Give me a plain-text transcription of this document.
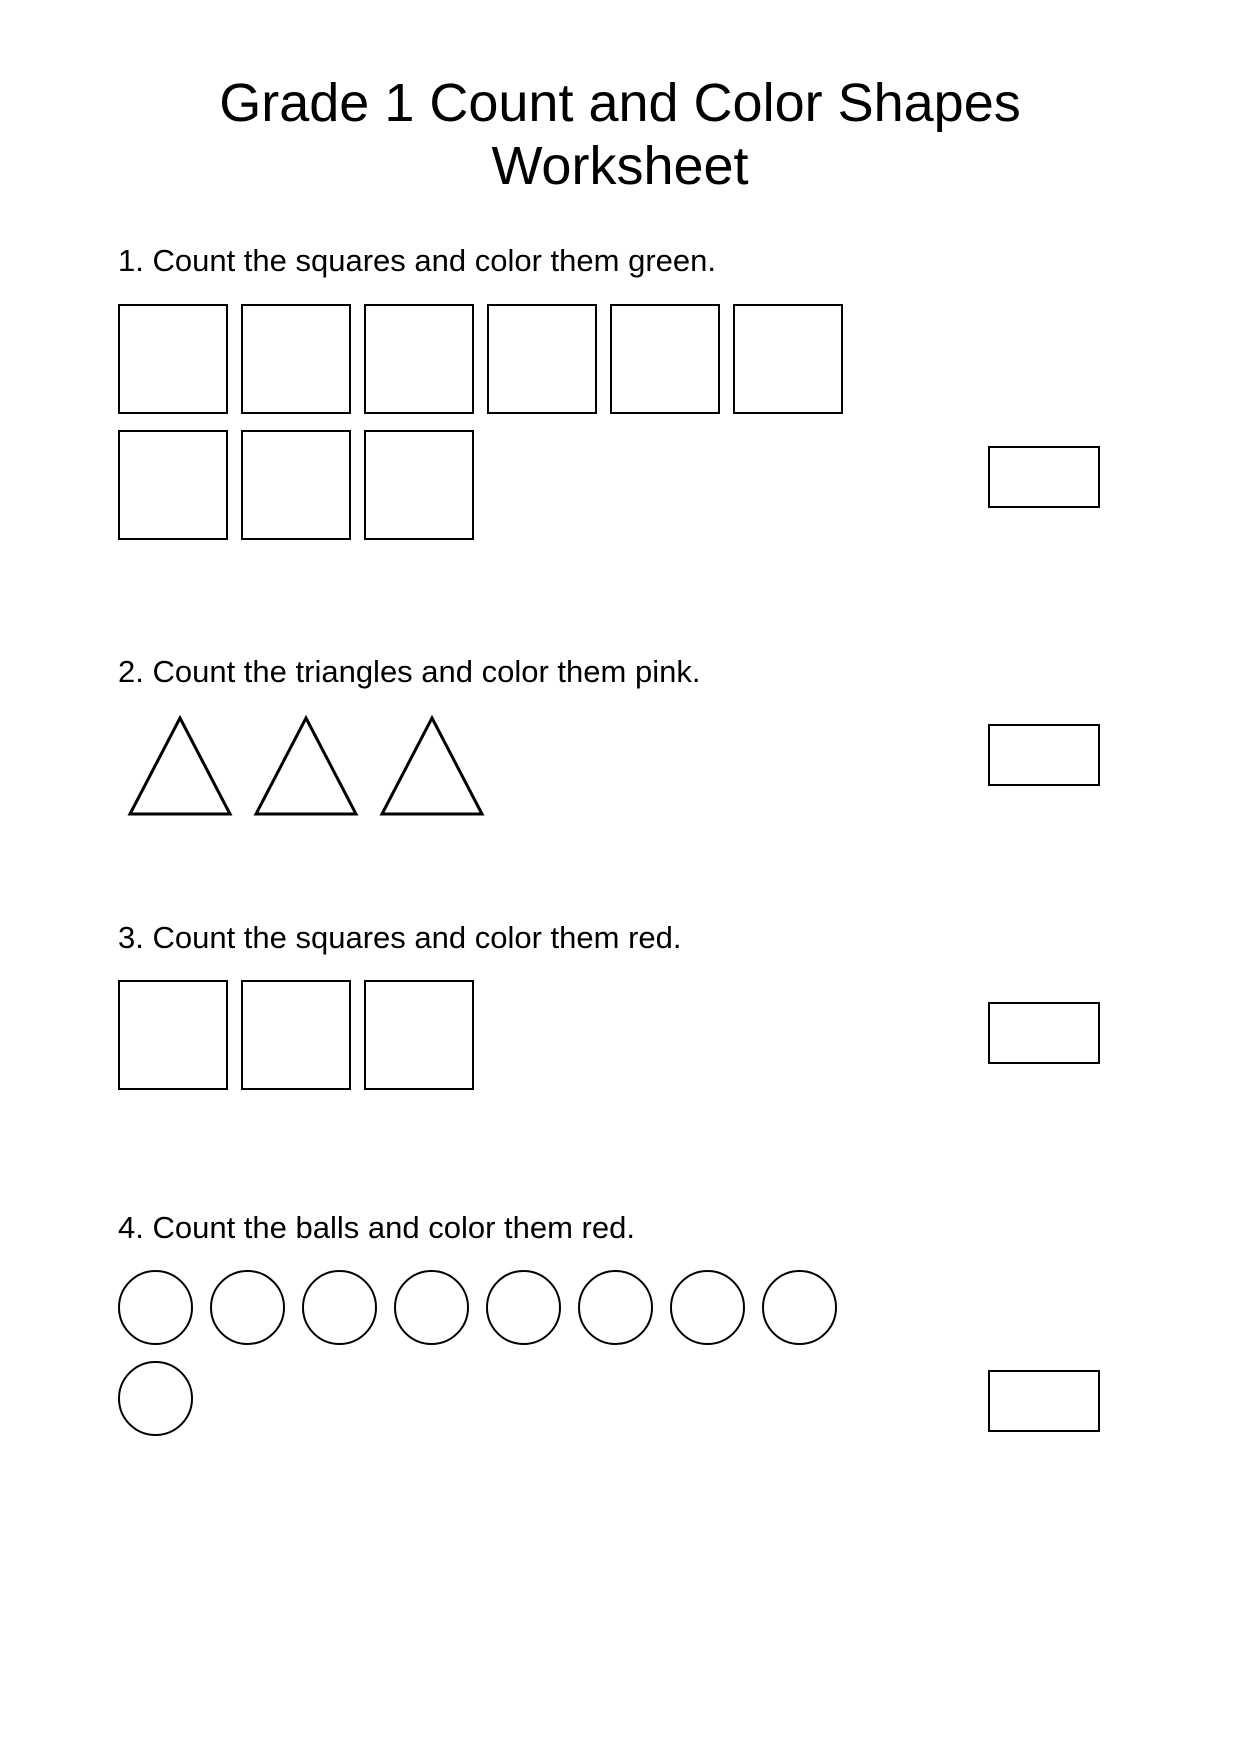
Grade 1 Count and Color Shapes Worksheet

1. Count the squares and color them green.

2. Count the triangles and color them pink.

3. Count the squares and color them red.

4. Count the balls and color them red.
